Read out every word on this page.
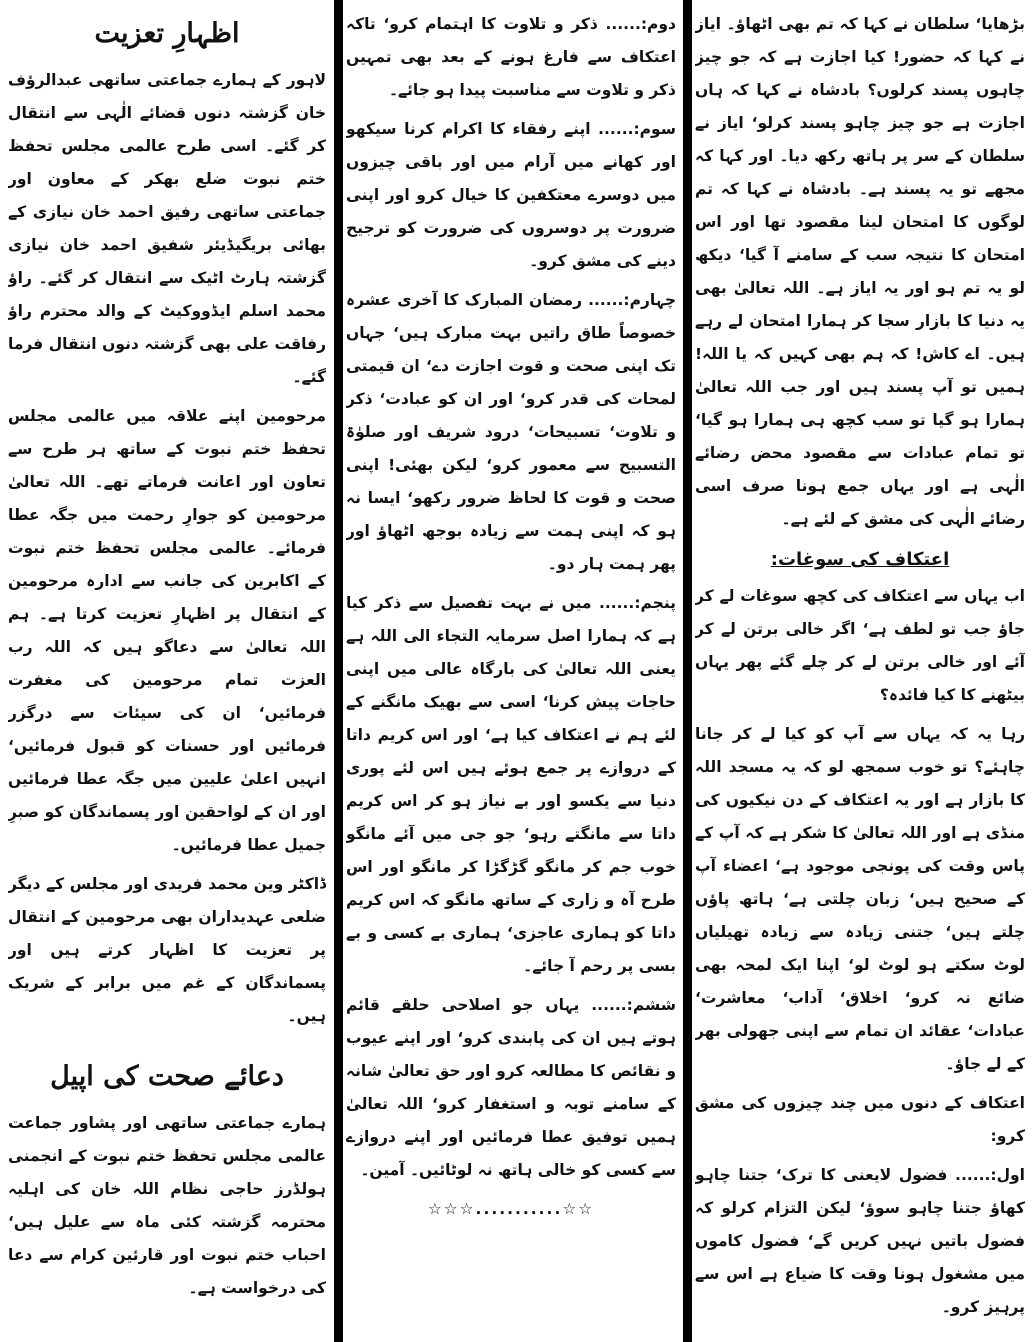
بڑھایا‘ سلطان نے کہا کہ تم بھی اٹھاؤ۔ ایاز نے کہا کہ حضور! کیا اجازت ہے کہ جو چیز چاہوں پسند کرلوں؟ بادشاہ نے کہا کہ ہاں اجازت ہے جو چیز چاہو پسند کرلو‘ ایاز نے سلطان کے سر پر ہاتھ رکھ دیا۔ اور کہا کہ مجھے تو یہ پسند ہے۔ بادشاہ نے کہا کہ تم لوگوں کا امتحان لینا مقصود تھا اور اس امتحان کا نتیجہ سب کے سامنے آ گیا‘ دیکھ لو یہ تم ہو اور یہ ایاز ہے۔ اللہ تعالیٰ بھی یہ دنیا کا بازار سجا کر ہمارا امتحان لے رہے ہیں۔ اے کاش! کہ ہم بھی کہیں کہ یا اللہ! ہمیں تو آپ پسند ہیں اور جب اللہ تعالیٰ ہمارا ہو گیا تو سب کچھ ہی ہمارا ہو گیا‘ تو تمام عبادات سے مقصود محض رضائے الٰہی ہے اور یہاں جمع ہونا صرف اسی رضائے الٰہی کی مشق کے لئے ہے۔

اعتکاف کی سوغات:

اب یہاں سے اعتکاف کی کچھ سوغات لے کر جاؤ جب تو لطف ہے‘ اگر خالی برتن لے کر آئے اور خالی برتن لے کر چلے گئے پھر یہاں بیٹھنے کا کیا فائدہ؟

رہا یہ کہ یہاں سے آپ کو کیا لے کر جانا چاہئے؟ تو خوب سمجھ لو کہ یہ مسجد اللہ کا بازار ہے اور یہ اعتکاف کے دن نیکیوں کی منڈی ہے اور اللہ تعالیٰ کا شکر ہے کہ آپ کے پاس وقت کی پونجی موجود ہے‘ اعضاء آپ کے صحیح ہیں‘ زبان چلتی ہے‘ ہاتھ پاؤں چلتے ہیں‘ جتنی زیادہ سے زیادہ تھیلیاں لوٹ سکتے ہو لوٹ لو‘ اپنا ایک لمحہ بھی ضائع نہ کرو‘ اخلاق‘ آداب‘ معاشرت‘ عبادات‘ عقائد ان تمام سے اپنی جھولی بھر کے لے جاؤ۔

اعتکاف کے دنوں میں چند چیزوں کی مشق کرو:

اول:...... فضول لایعنی کا ترک‘ جتنا چاہو کھاؤ جتنا چاہو سوؤ‘ لیکن التزام کرلو کہ فضول باتیں نہیں کریں گے‘ فضول کاموں میں مشغول ہونا وقت کا ضیاع ہے اس سے پرہیز کرو۔

دوم:...... ذکر و تلاوت کا اہتمام کرو‘ تاکہ اعتکاف سے فارغ ہونے کے بعد بھی تمہیں ذکر و تلاوت سے مناسبت پیدا ہو جائے۔

سوم:...... اپنے رفقاء کا اکرام کرنا سیکھو اور کھانے میں آرام میں اور باقی چیزوں میں دوسرے معتکفین کا خیال کرو اور اپنی ضرورت پر دوسروں کی ضرورت کو ترجیح دینے کی مشق کرو۔

چہارم:...... رمضان المبارک کا آخری عشرہ خصوصاً طاق راتیں بہت مبارک ہیں‘ جہاں تک اپنی صحت و قوت اجازت دے‘ ان قیمتی لمحات کی قدر کرو‘ اور ان کو عبادت‘ ذکر و تلاوت‘ تسبیحات‘ درود شریف اور صلوٰۃ التسبیح سے معمور کرو‘ لیکن بھئی! اپنی صحت و قوت کا لحاظ ضرور رکھو‘ ایسا نہ ہو کہ اپنی ہمت سے زیادہ بوجھ اٹھاؤ اور پھر ہمت ہار دو۔

پنجم:...... میں نے بہت تفصیل سے ذکر کیا ہے کہ ہمارا اصل سرمایہ التجاء الی اللہ ہے یعنی اللہ تعالیٰ کی بارگاہ عالی میں اپنی حاجات پیش کرنا‘ اسی سے بھیک مانگنے کے لئے ہم نے اعتکاف کیا ہے‘ اور اس کریم داتا کے دروازے پر جمع ہوئے ہیں اس لئے پوری دنیا سے یکسو اور بے نیاز ہو کر اس کریم داتا سے مانگتے رہو‘ جو جی میں آئے مانگو خوب جم کر مانگو گڑگڑا کر مانگو اور اس طرح آہ و زاری کے ساتھ مانگو کہ اس کریم داتا کو ہماری عاجزی‘ ہماری بے کسی و بے بسی پر رحم آ جائے۔

ششم:...... یہاں جو اصلاحی حلقے قائم ہوتے ہیں ان کی پابندی کرو‘ اور اپنے عیوب و نقائص کا مطالعہ کرو اور حق تعالیٰ شانہ کے سامنے توبہ و استغفار کرو‘ اللہ تعالیٰ ہمیں توفیق عطا فرمائیں اور اپنے دروازے سے کسی کو خالی ہاتھ نہ لوٹائیں۔ آمین۔

☆☆...........☆☆☆
اظہارِ تعزیت

لاہور کے ہمارے جماعتی ساتھی عبدالرؤف خان گزشتہ دنوں قضائے الٰہی سے انتقال کر گئے۔ اسی طرح عالمی مجلس تحفظ ختم نبوت ضلع بھکر کے معاون اور جماعتی ساتھی رفیق احمد خان نیازی کے بھائی بریگیڈیئر شفیق احمد خان نیازی گزشتہ ہارٹ اٹیک سے انتقال کر گئے۔ راؤ محمد اسلم ایڈووکیٹ کے والد محترم راؤ رفاقت علی بھی گزشتہ دنوں انتقال فرما گئے۔

مرحومین اپنے علاقہ میں عالمی مجلس تحفظ ختم نبوت کے ساتھ ہر طرح سے تعاون اور اعانت فرماتے تھے۔ اللہ تعالیٰ مرحومین کو جوارِ رحمت میں جگہ عطا فرمائے۔ عالمی مجلس تحفظ ختم نبوت کے اکابرین کی جانب سے ادارہ مرحومین کے انتقال پر اظہارِ تعزیت کرتا ہے۔ ہم اللہ تعالیٰ سے دعاگو ہیں کہ اللہ رب العزت تمام مرحومین کی مغفرت فرمائیں‘ ان کی سیئات سے درگزر فرمائیں اور حسنات کو قبول فرمائیں‘ انہیں اعلیٰ علیین میں جگہ عطا فرمائیں اور ان کے لواحقین اور پسماندگان کو صبرِ جمیل عطا فرمائیں۔

ڈاکٹر وین محمد فریدی اور مجلس کے دیگر ضلعی عہدیداران بھی مرحومین کے انتقال پر تعزیت کا اظہار کرتے ہیں اور پسماندگان کے غم میں برابر کے شریک ہیں۔

دعائے صحت کی اپیل

ہمارے جماعتی ساتھی اور پشاور جماعت عالمی مجلس تحفظ ختم نبوت کے انجمنی ہولڈرز حاجی نظام اللہ خان کی اہلیہ محترمہ گزشتہ کئی ماہ سے علیل ہیں‘ احباب ختم نبوت اور قارئین کرام سے دعا کی درخواست ہے۔
